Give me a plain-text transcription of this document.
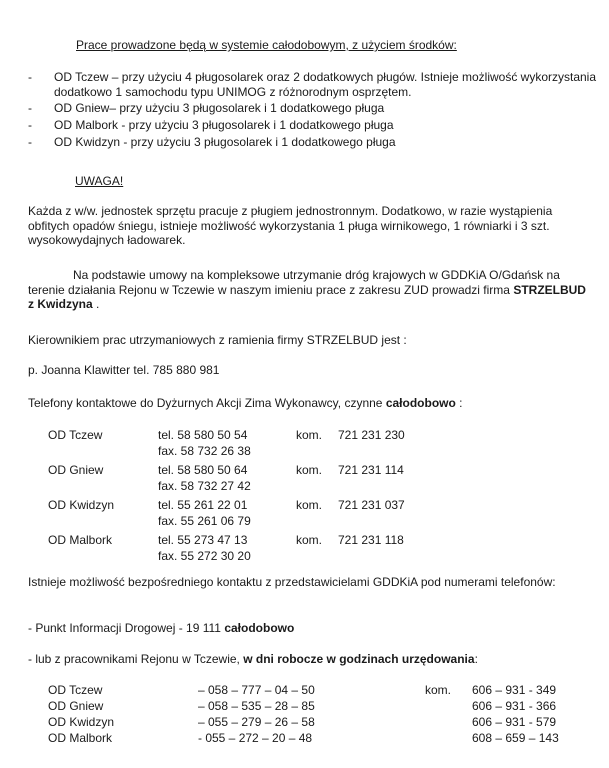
Prace prowadzone będą w systemie całodobowym, z użyciem środków:
- OD Tczew – przy użyciu 4 pługosolarek oraz 2 dodatkowych pługów. Istnieje możliwość wykorzystania dodatkowo 1 samochodu typu UNIMOG z różnorodnym osprzętem.
- OD Gniew– przy użyciu 3 pługosolarek i 1 dodatkowego pługa
- OD Malbork - przy użyciu 3 pługosolarek i 1 dodatkowego pługa
- OD Kwidzyn - przy użyciu 3 pługosolarek i 1 dodatkowego pługa
UWAGA!
Każda z w/w. jednostek sprzętu pracuje z pługiem jednostronnym. Dodatkowo, w razie wystąpienia obfitych opadów śniegu, istnieje możliwość wykorzystania 1 pługa wirnikowego, 1 równiarki i 3 szt. wysokowydajnych ładowarek.
Na podstawie umowy na kompleksowe utrzymanie dróg krajowych w GDDKiA O/Gdańsk na terenie działania Rejonu w Tczewie w naszym imieniu prace z zakresu ZUD prowadzi firma STRZELBUD z Kwidzyna .
Kierownikiem prac utrzymaniowych z ramienia firmy STRZELBUD jest :
p. Joanna Klawitter tel. 785 880 981
Telefony kontaktowe do Dyżurnych Akcji Zima Wykonawcy, czynne całodobowo :
OD Tczew	tel. 58 580 50 54
fax. 58 732 26 38
kom. 721 231 230
OD Gniew	tel. 58 580 50 64
fax. 58 732 27 42
kom. 721 231 114
OD Kwidzyn	tel. 55 261 22 01
fax. 55 261 06 79
kom. 721 231 037
OD Malbork	tel. 55 273 47 13
fax. 55 272 30 20
kom. 721 231 118
Istnieje możliwość bezpośredniego kontaktu z przedstawicielami GDDKiA pod numerami telefonów:
- Punkt Informacji Drogowej - 19 111 całodobowo
- lub z pracownikami Rejonu w Tczewie, w dni robocze w godzinach urzędowania:
OD Tczew	– 058 – 777 – 04 – 50	kom. 606 – 931 - 349
OD Gniew	– 058 – 535 – 28 – 85	606 – 931 - 366
OD Kwidzyn	– 055 – 279 – 26 – 58	606 – 931 - 579
OD Malbork	- 055 – 272 – 20 – 48	608 – 659 – 143
